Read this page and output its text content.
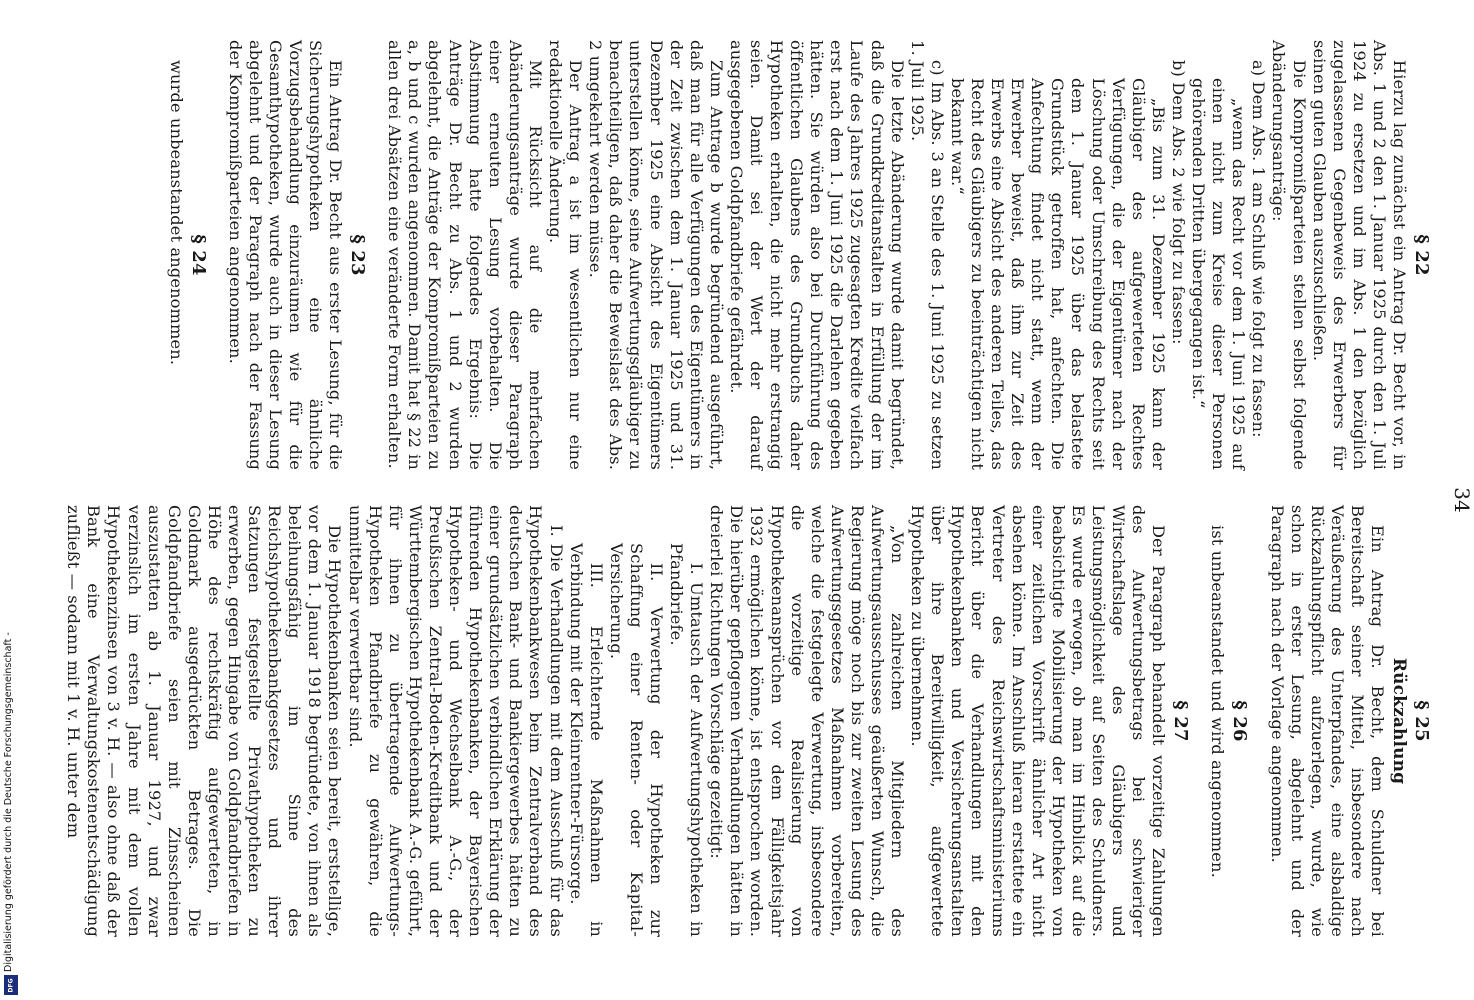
34
§ 22

Hierzu lag zunächst ein Antrag Dr. Becht vor, in Abs. 1 und 2 den 1. Januar 1925 durch den 1. Juli 1924 zu ersetzen und im Abs. 1 den bezüglich zugelassenen Gegenbeweis des Erwerbers für seinen guten Glauben auszuschließen.

Die Kompromißparteien stellen selbst folgende Abänderungsanträge:

a) Dem Abs. 1 am Schluß wie folgt zu fassen:

„wenn das Recht vor dem 1. Juni 1925 auf einen nicht zum Kreise dieser Personen gehörenden Dritten übergegangen ist.“

b) Dem Abs. 2 wie folgt zu fassen:

„Bis zum 31. Dezember 1925 kann der Gläubiger des aufgewerteten Rechtes Verfügungen, die der Eigentümer nach der Löschung oder Umschreibung des Rechts seit dem 1. Januar 1925 über das belastete Grundstück getroffen hat, anfechten. Die Anfechtung findet nicht statt, wenn der Erwerber beweist, daß ihm zur Zeit des Erwerbs eine Absicht des anderen Teiles, das Recht des Gläubigers zu beeinträchtigen nicht bekannt war.“

c) Im Abs. 3 an Stelle des 1. Juni 1925 zu setzen 1. Juli 1925.

Die letzte Abänderung wurde damit begründet, daß die Grundkreditanstalten in Erfüllung der im Laufe des Jahres 1925 zugesagten Kredite vielfach erst nach dem 1. Juni 1925 die Darlehen gegeben hätten. Sie würden also bei Durchführung des öffentlichen Glaubens des Grundbuchs daher Hypotheken erhalten, die nicht mehr erstrangig seien. Damit sei der Wert der darauf ausgegebenen Goldpfandbriefe gefährdet.

Zum Antrage b wurde begründend ausgeführt, daß man für alle Verfügungen des Eigentümers in der Zeit zwischen dem 1. Januar 1925 und 31. Dezember 1925 eine Absicht des Eigentümers unterstellen könne, seine Aufwertungsgläubiger zu benachteiligen, daß daher die Beweislast des Abs. 2 umgekehrt werden müsse.

Der Antrag a ist im wesentlichen nur eine redaktionelle Änderung.

Mit Rücksicht auf die mehrfachen Abänderungsanträge wurde dieser Paragraph einer erneuten Lesung vorbehalten. Die Abstimmung hatte folgendes Ergebnis: Die Anträge Dr. Becht zu Abs. 1 und 2 wurden abgelehnt, die Anträge der Kompromißparteien zu a, b und c wurden angenommen. Damit hat § 22 in allen drei Absätzen eine veränderte Form erhalten.

§ 23

Ein Antrag Dr. Becht aus erster Lesung, für die Sicherungshypotheken eine ähnliche Vorzugsbehandlung einzuräumen wie für die Gesamthypotheken, wurde auch in dieser Lesung abgelehnt und der Paragraph nach der Fassung der Kompromißparteien angenommen.

§ 24

wurde unbeanstandet angenommen.

§ 25
Rückzahlung

Ein Antrag Dr. Becht, dem Schuldner bei Bereitschaft seiner Mittel, insbesondere nach Veräußerung des Unterpfandes, eine alsbaldige Rückzahlungspflicht aufzuerlegen, wurde, wie schon in erster Lesung, abgelehnt und der Paragraph nach der Vorlage angenommen.

§ 26

ist unbeanstandet und wird angenommen.

§ 27

Der Paragraph behandelt vorzeitige Zahlungen des Aufwertungsbetrags bei schwieriger Wirtschaftslage des Gläubigers und Leistungsmöglichkeit auf Seiten des Schuldners. Es wurde erwogen, ob man im Hinblick auf die beabsichtigte Mobilisierung der Hypotheken von einer zeitlichen Vorschrift ähnlicher Art nicht absehen könne. Im Anschluß hieran erstattete ein Vertreter des Reichswirtschaftsministeriums Bericht über die Verhandlungen mit den Hypothekenbanken und Versicherungsanstalten über ihre Bereitwilligkeit, aufgewertete Hypotheken zu übernehmen.

„Von zahlreichen Mitgliedern des Aufwertungsausschusses geäußerten Wunsch, die Regierung möge noch bis zur zweiten Lesung des Aufwertungsgesetzes Maßnahmen vorbereiten, welche die festgelegte Verwertung, insbesondere die vorzeitige Realisierung von Hypothekenansprüchen vor dem Fälligkeitsjahr 1932 ermöglichen könne, ist entsprochen worden. Die hierüber gepflogenen Verhandlungen hätten in dreierlei Richtungen Vorschläge gezeitigt:

I. Umtausch der Aufwertungshypotheken in Pfandbriefe.

II. Verwertung der Hypotheken zur Schaffung einer Renten- oder Kapital-Versicherung.

III. Erleichternde Maßnahmen in Verbindung mit der Kleinrentner-Fürsorge.

I. Die Verhandlungen mit dem Ausschuß für das Hypothekenbankwesen beim Zentralverband des deutschen Bank- und Bankiergewerbes hätten zu einer grundsätzlichen verbindlichen Erklärung der führenden Hypothekenbanken, der Bayerischen Hypotheken- und Wechselbank A.-G., der Preußischen Zentral-Boden-Kreditbank und der Württembergischen Hypothekenbank A.-G. geführt, für ihnen zu übertragende Aufwertungs-Hypotheken Pfandbriefe zu gewähren, die unmittelbar verwertbar sind.

Die Hypothekenbanken seien bereit, erststellige, vor dem 1. Januar 1918 begründete, von ihnen als beleihungsfähig im Sinne des Reichshypothekenbankgesetzes und ihrer Satzungen festgestellte Privathypotheken zu erwerben, gegen Hingabe von Goldpfandbriefen in Höhe des rechtskräftig aufgewerteten, in Goldmark ausgedrückten Betrages. Die Goldpfandbriefe seien mit Zinsscheinen auszustatten ab 1. Januar 1927, und zwar verzinslich im ersten Jahre mit dem vollen Hypothekenzinsen von 3 v. H. — also ohne daß der Bank eine Verwaltungskostenentschädigung zufließt — sodann mit 1 v. H. unter dem

Digitalisierung gefördert durch die Deutsche Forschungsgemeinschaft -
DFG
